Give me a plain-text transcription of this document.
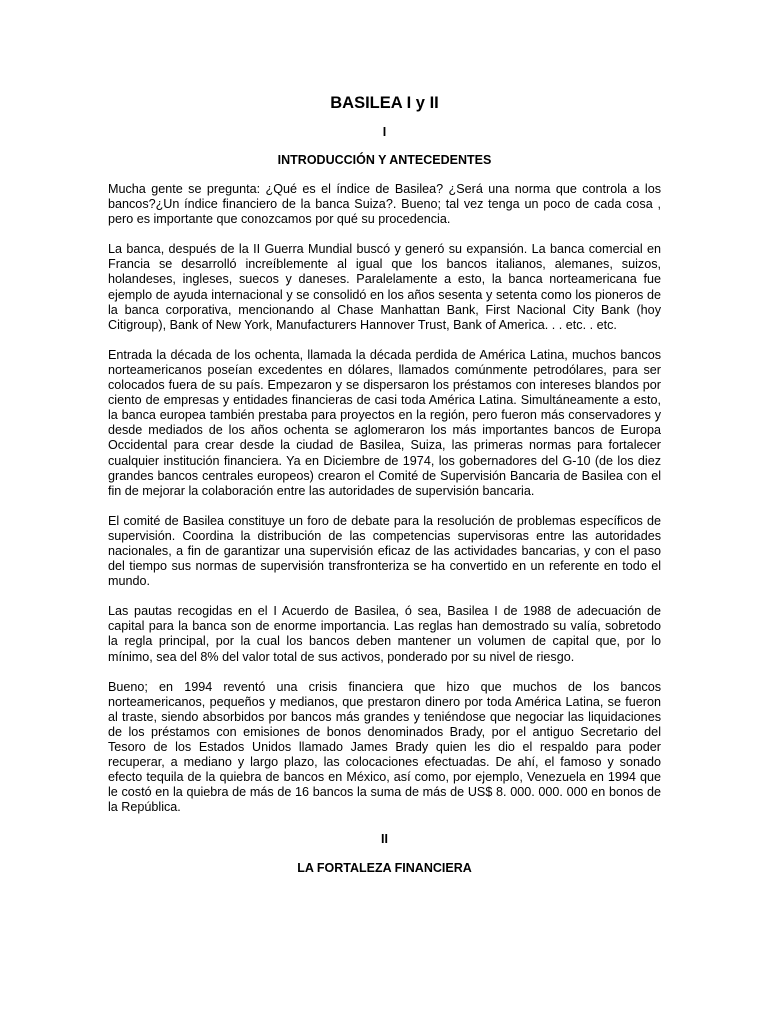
BASILEA I y II

I

INTRODUCCIÓN Y ANTECEDENTES

Mucha gente se pregunta: ¿Qué es el índice de Basilea? ¿Será una norma que controla a los bancos?¿Un índice financiero de la banca Suiza?. Bueno; tal vez tenga un poco de cada cosa , pero es importante que conozcamos por qué su procedencia.

La banca, después de la II Guerra Mundial buscó y generó su expansión. La banca comercial en Francia se desarrolló increíblemente al igual que los bancos italianos, alemanes, suizos, holandeses, ingleses, suecos y daneses. Paralelamente a esto, la banca norteamericana fue ejemplo de ayuda internacional y se consolidó en los años sesenta y setenta como los pioneros de la banca corporativa, mencionando al Chase Manhattan Bank, First Nacional City Bank (hoy Citigroup), Bank of New York, Manufacturers Hannover Trust, Bank of America. . . etc. . etc.

Entrada la década de los ochenta, llamada la década perdida de América Latina, muchos bancos norteamericanos poseían excedentes en dólares, llamados comúnmente petrodólares, para ser colocados fuera de su país. Empezaron y se dispersaron los préstamos con intereses blandos por ciento de empresas y entidades financieras de casi toda América Latina. Simultáneamente a esto, la banca europea también prestaba para proyectos en la región, pero fueron más conservadores y desde mediados de los años ochenta se aglomeraron los más importantes bancos de Europa Occidental para crear desde la ciudad de Basilea, Suiza, las primeras normas para fortalecer cualquier institución financiera. Ya en Diciembre de 1974, los gobernadores del G-10 (de los diez grandes bancos centrales europeos) crearon el Comité de Supervisión Bancaria de Basilea con el fin de mejorar la colaboración entre las autoridades de supervisión bancaria.

El comité de Basilea constituye un foro de debate para la resolución de problemas específicos de supervisión. Coordina la distribución de las competencias supervisoras entre las autoridades nacionales, a fin de garantizar una supervisión eficaz de las actividades bancarias, y con el paso del tiempo sus normas de supervisión transfronteriza se ha convertido en un referente en todo el mundo.

Las pautas recogidas en el I Acuerdo de Basilea, ó sea, Basilea I de 1988 de adecuación de capital para la banca son de enorme importancia. Las reglas han demostrado su valía, sobretodo la regla principal, por la cual los bancos deben mantener un volumen de capital que, por lo mínimo, sea del 8% del valor total de sus activos, ponderado por su nivel de riesgo.

Bueno; en 1994 reventó una crisis financiera que hizo que muchos de los bancos norteamericanos, pequeños y medianos, que prestaron dinero por toda América Latina, se fueron al traste, siendo absorbidos por bancos más grandes y teniéndose que negociar las liquidaciones de los préstamos con emisiones de bonos denominados Brady, por el antiguo Secretario del Tesoro de los Estados Unidos llamado James Brady quien les dio el respaldo para poder recuperar, a mediano y largo plazo, las colocaciones efectuadas. De ahí, el famoso y sonado efecto tequila de la quiebra de bancos en México, así como, por ejemplo, Venezuela en 1994 que le costó en la quiebra de más de 16 bancos la suma de más de US$ 8. 000. 000. 000 en bonos de la República.

II

LA FORTALEZA FINANCIERA
